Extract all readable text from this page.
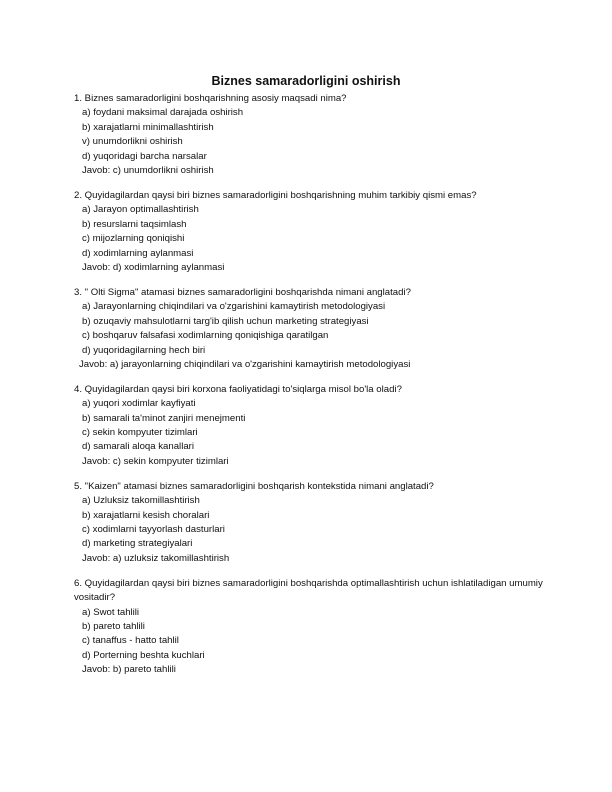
Biznes samaradorligini oshirish
1. Biznes samaradorligini boshqarishning asosiy maqsadi nima?
a) foydani maksimal darajada oshirish
b) xarajatlarni minimallashtirish
v) unumdorlikni oshirish
d) yuqoridagi barcha narsalar
Javob: c) unumdorlikni oshirish
2. Quyidagilardan qaysi biri biznes samaradorligini boshqarishning muhim tarkibiy qismi emas?
a) Jarayon optimallashtirish
b) resurslarni taqsimlash
c) mijozlarning qoniqishi
d) xodimlarning aylanmasi
Javob: d) xodimlarning aylanmasi
3. " Olti Sigma" atamasi biznes samaradorligini boshqarishda nimani anglatadi?
a) Jarayonlarning chiqindilari va o'zgarishini kamaytirish metodologiyasi
b) ozuqaviy mahsulotlarni targ'ib qilish uchun marketing strategiyasi
c) boshqaruv falsafasi xodimlarning qoniqishiga qaratilgan
d) yuqoridagilarning hech biri
Javob: a) jarayonlarning chiqindilari va o'zgarishini kamaytirish metodologiyasi
4. Quyidagilardan qaysi biri korxona faoliyatidagi to'siqlarga misol bo'la oladi?
a) yuqori xodimlar kayfiyati
b) samarali ta'minot zanjiri menejmenti
c) sekin kompyuter tizimlari
d) samarali aloqa kanallari
Javob: c) sekin kompyuter tizimlari
5. "Kaizen" atamasi biznes samaradorligini boshqarish kontekstida nimani anglatadi?
a) Uzluksiz takomillashtirish
b) xarajatlarni kesish choralari
c) xodimlarni tayyorlash dasturlari
d) marketing strategiyalari
Javob: a) uzluksiz takomillashtirish
6. Quyidagilardan qaysi biri biznes samaradorligini boshqarishda optimallashtirish uchun ishlatiladigan umumiy vositadir?
a) Swot tahlili
b) pareto tahlili
c) tanaffus - hatto tahlil
d) Porterning beshta kuchlari
Javob: b) pareto tahlili
